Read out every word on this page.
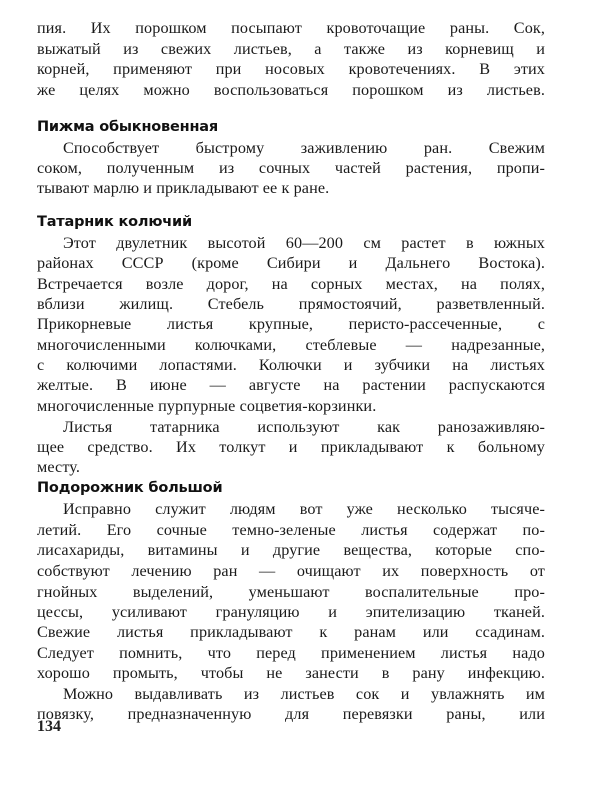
пия. Их порошком посыпают кровоточащие раны. Сок,
выжатый из свежих листьев, а также из корневищ и
корней, применяют при носовых кровотечениях. В этих
же целях можно воспользоваться порошком из листьев.
Пижма обыкновенная
Способствует быстрому заживлению ран. Свежим
соком, полученным из сочных частей растения, пропи-
тывают марлю и прикладывают ее к ране.
Татарник колючий
Этот двулетник высотой 60—200 см растет в южных
районах СССР (кроме Сибири и Дальнего Востока).
Встречается возле дорог, на сорных местах, на полях,
вблизи жилищ. Стебель прямостоячий, разветвленный.
Прикорневые листья крупные, перисто-рассеченные, с
многочисленными колючками, стеблевые — надрезанные,
с колючими лопастями. Колючки и зубчики на листьях
желтые. В июне — августе на растении распускаются
многочисленные пурпурные соцветия-корзинки.
Листья татарника используют как ранозаживляю-
щее средство. Их толкут и прикладывают к больному
месту.
Подорожник большой
Исправно служит людям вот уже несколько тысяче-
летий. Его сочные темно-зеленые листья содержат по-
лисахариды, витамины и другие вещества, которые спо-
собствуют лечению ран — очищают их поверхность от
гнойных выделений, уменьшают воспалительные про-
цессы, усиливают грануляцию и эпителизацию тканей.
Свежие листья прикладывают к ранам или ссадинам.
Следует помнить, что перед применением листья надо
хорошо промыть, чтобы не занести в рану инфекцию.
Можно выдавливать из листьев сок и увлажнять им
повязку, предназначенную для перевязки раны, или
134
